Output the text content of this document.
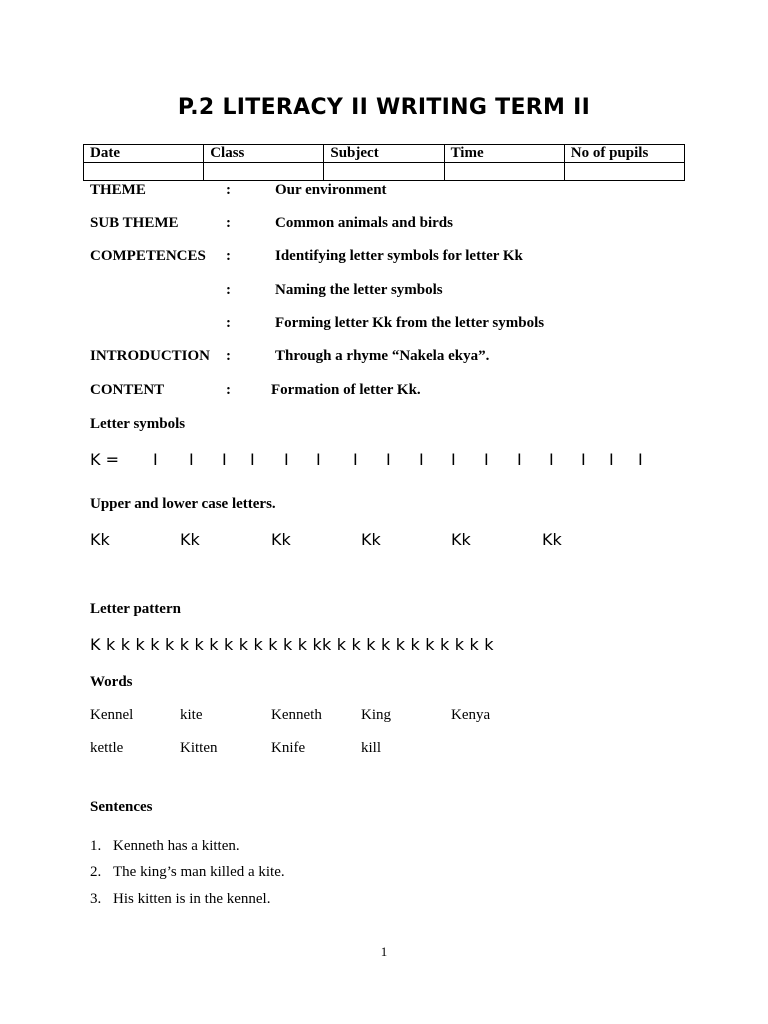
P.2 LITERACY II WRITING TERM II
Date	Class	Subject	Time	No of pupils

THEME	:	Our environment
SUB THEME	:	Common animals and birds
COMPETENCES :	Identifying letter symbols for letter Kk
:	Naming the letter symbols
:	Forming letter Kk from the letter symbols
INTRODUCTION :	Through a rhyme “Nakela ekya”.
CONTENT	:	Formation of letter Kk.
Letter symbols
K = I I I I I I I I I I I I I I I I
Upper and lower case letters.
Kk	Kk	Kk	Kk	Kk	Kk
Letter pattern
K k k k k k k k k k k k k k k kk k k k k k k k k k k k
Words
Kennel	kite	Kenneth	King	Kenya
kettle	Kitten	Knife	kill
Sentences
1. Kenneth has a kitten.
2. The king’s man killed a kite.
3. His kitten is in the kennel.
1
